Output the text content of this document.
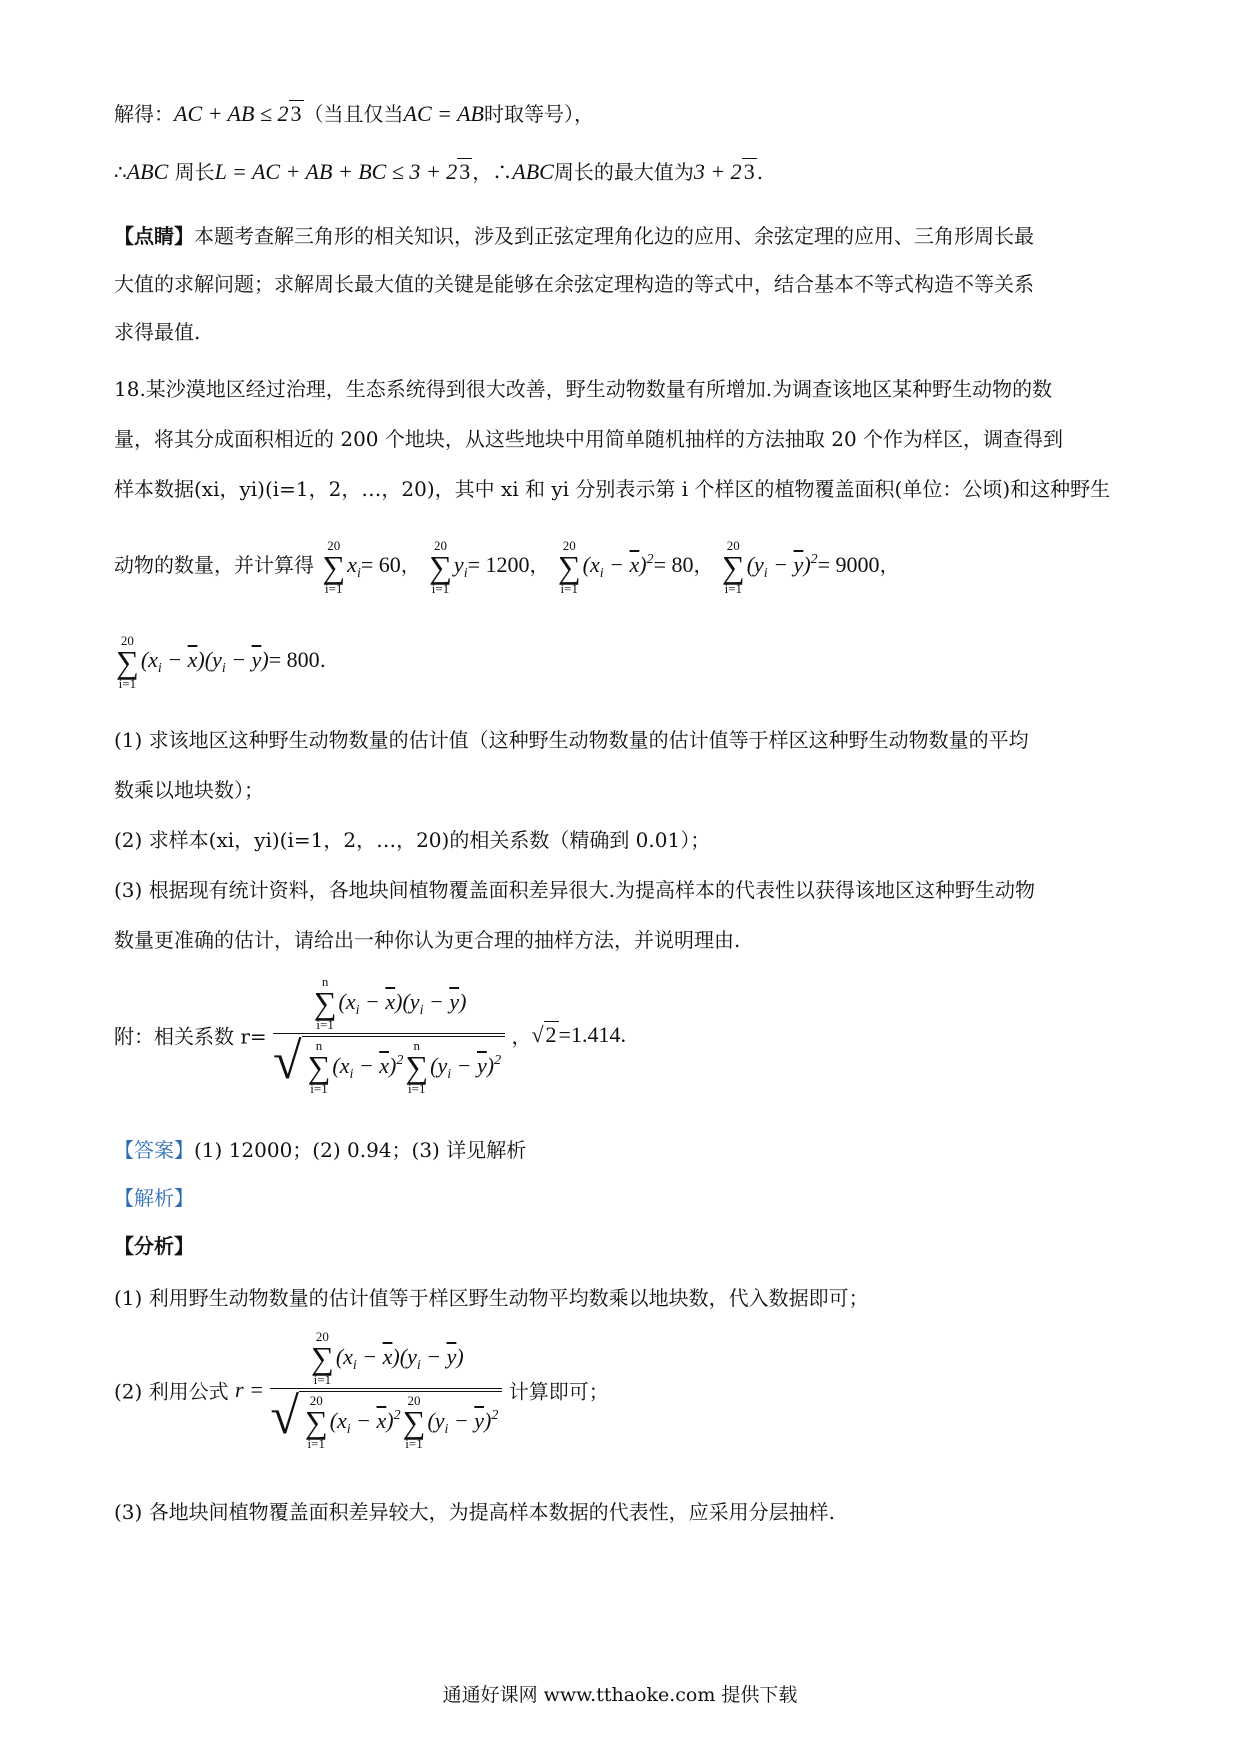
解得：AC + AB ≤ 23 （当且仅当AC = AB时取等号），
∴ABC 周长L = AC + AB + BC ≤ 3 + 23 ，∴ABC周长的最大值为3 + 23 .
【点睛】本题考查解三角形的相关知识，涉及到正弦定理角化边的应用、余弦定理的应用、三角形周长最
大值的求解问题；求解周长最大值的关键是能够在余弦定理构造的等式中，结合基本不等式构造不等关系
求得最值.
18.某沙漠地区经过治理，生态系统得到很大改善，野生动物数量有所增加.为调查该地区某种野生动物的数
量，将其分成面积相近的 200 个地块，从这些地块中用简单随机抽样的方法抽取 20 个作为样区，调查得到
样本数据(xi，yi)(i=1，2，…，20)，其中 xi 和 yi 分别表示第 i 个样区的植物覆盖面积(单位：公顷)和这种野生
动物的数量，并计算得
20
∑
i=1
$x_i= 60$，
20
∑
i=1
$y_i= 1200$，
20
∑
i=1
$(x_i - \overline{x})^2= 80$，
20
∑
i=1
$(y_i - \overline{y})^2= 9000$，
20
∑
i=1
$(x_i - \overline{x})(y_i - \overline{y})= 800$.
(1) 求该地区这种野生动物数量的估计值（这种野生动物数量的估计值等于样区这种野生动物数量的平均
数乘以地块数）；
(2) 求样本(xi，yi)(i=1，2，…，20)的相关系数（精确到 0.01）；
(3) 根据现有统计资料，各地块间植物覆盖面积差异很大.为提高样本的代表性以获得该地区这种野生动物
数量更准确的估计，请给出一种你认为更合理的抽样方法，并说明理由.
附：相关系数 r= n
∑
i=1
$(x_i - \overline{x})(y_i - \overline{y})$
√	n
∑
i=1
$(x_i - \overline{x})^2$
n
∑
i=1
$(y_i - \overline{y})^2$ ，√2=1.414.
【答案】(1) 12000；(2) 0.94；(3) 详见解析
【解析】
【分析】
(1) 利用野生动物数量的估计值等于样区野生动物平均数乘以地块数，代入数据即可；
(2) 利用公式 r = 20
∑
i=1
$(x_i - \overline{x})(y_i - \overline{y})$
√ 20
∑
i=1
$(x_i - \overline{x})^2$
20
∑
i=1
$(y_i - \overline{y})^2$ 计算即可；
(3) 各地块间植物覆盖面积差异较大，为提高样本数据的代表性，应采用分层抽样.
通通好课网 www.tthaoke.com 提供下载
